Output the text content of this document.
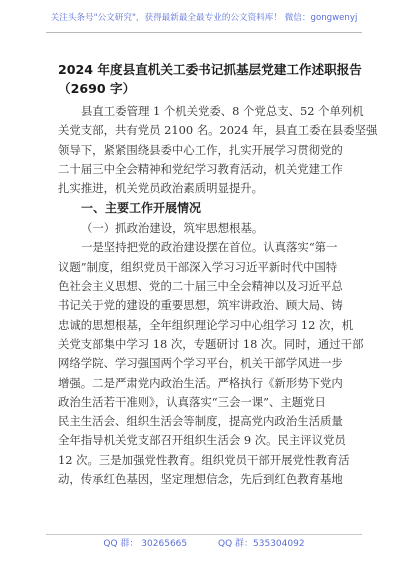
关注头条号"公文研究"，获得最新最全最专业的公文资料库！ 微信：gongwenyj
2024 年度县直机关工委书记抓基层党建工作述职报告
（2690 字）
县直工委管理 1 个机关党委、8 个党总支、52 个单列机
关党支部，共有党员 2100 名。2024 年，县直工委在县委坚强
领导下，紧紧围绕县委中心工作，扎实开展学习贯彻党的
二十届三中全会精神和党纪学习教育活动，机关党建工作
扎实推进，机关党员政治素质明显提升。
一、主要工作开展情况
（一）抓政治建设，筑牢思想根基。
一是坚持把党的政治建设摆在首位。认真落实“第一
议题”制度，组织党员干部深入学习习近平新时代中国特
色社会主义思想、党的二十届三中全会精神以及习近平总
书记关于党的建设的重要思想，筑牢讲政治、顾大局、铸
忠诚的思想根基，全年组织理论学习中心组学习 12 次，机
关党支部集中学习 18 次，专题研讨 18 次。同时，通过干部
网络学院、学习强国两个学习平台，机关干部学风进一步
增强。二是严肃党内政治生活。严格执行《新形势下党内
政治生活若干准则》，认真落实“三会一课”、主题党日
民主生活会、组织生活会等制度，提高党内政治生活质量
全年指导机关党支部召开组织生活会 9 次。民主评议党员
12 次。三是加强党性教育。组织党员干部开展党性教育活
动，传承红色基因，坚定理想信念，先后到红色教育基地
QQ 群： 30265665	QQ 群：535304092
